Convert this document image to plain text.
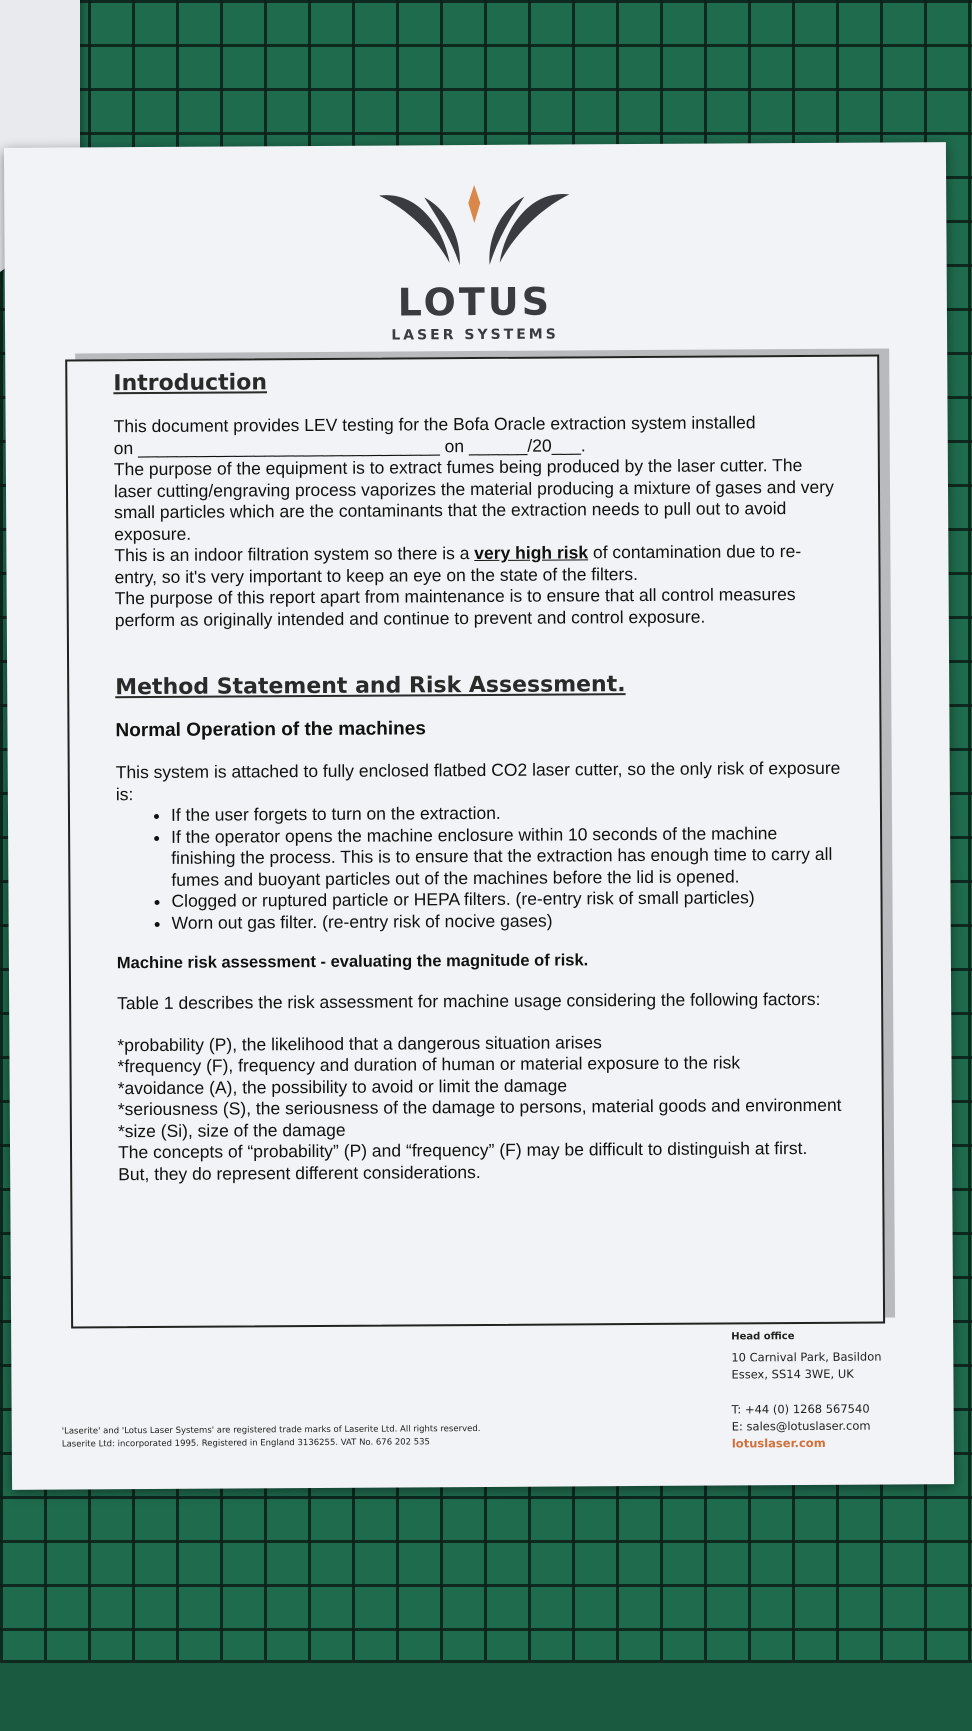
LOTUS
LASER SYSTEMS
Introduction

This document provides LEV testing for the Bofa Oracle extraction system installed

on _______________________________ on ______/20___.

The purpose of the equipment is to extract fumes being produced by the laser cutter. The laser cutting/engraving process vaporizes the material producing a mixture of gases and very small particles which are the contaminants that the extraction needs to pull out to avoid exposure.

This is an indoor filtration system so there is a very high risk of contamination due to re-entry, so it's very important to keep an eye on the state of the filters.

The purpose of this report apart from maintenance is to ensure that all control measures perform as originally intended and continue to prevent and control exposure.

Method Statement and Risk Assessment.
Normal Operation of the machines

This system is attached to fully enclosed flatbed CO2 laser cutter, so the only risk of exposure is:

• If the user forgets to turn on the extraction.
• If the operator opens the machine enclosure within 10 seconds of the machine finishing the process. This is to ensure that the extraction has enough time to carry all fumes and buoyant particles out of the machines before the lid is opened.
• Clogged or ruptured particle or HEPA filters. (re-entry risk of small particles)
• Worn out gas filter. (re-entry risk of nocive gases)
Machine risk assessment - evaluating the magnitude of risk.

Table 1 describes the risk assessment for machine usage considering the following factors:

*probability (P), the likelihood that a dangerous situation arises

*frequency (F), frequency and duration of human or material exposure to the risk

*avoidance (A), the possibility to avoid or limit the damage

*seriousness (S), the seriousness of the damage to persons, material goods and environment

*size (Si), size of the damage

The concepts of “probability” (P) and “frequency” (F) may be difficult to distinguish at first. But, they do represent different considerations.

Head office
10 Carnival Park, Basildon
Essex, SS14 3WE, UK
T: +44 (0) 1268 567540
E: sales@lotuslaser.com
lotuslaser.com
'Laserite' and 'Lotus Laser Systems' are registered trade marks of Laserite Ltd. All rights reserved.
Laserite Ltd: incorporated 1995. Registered in England 3136255. VAT No. 676 202 535
